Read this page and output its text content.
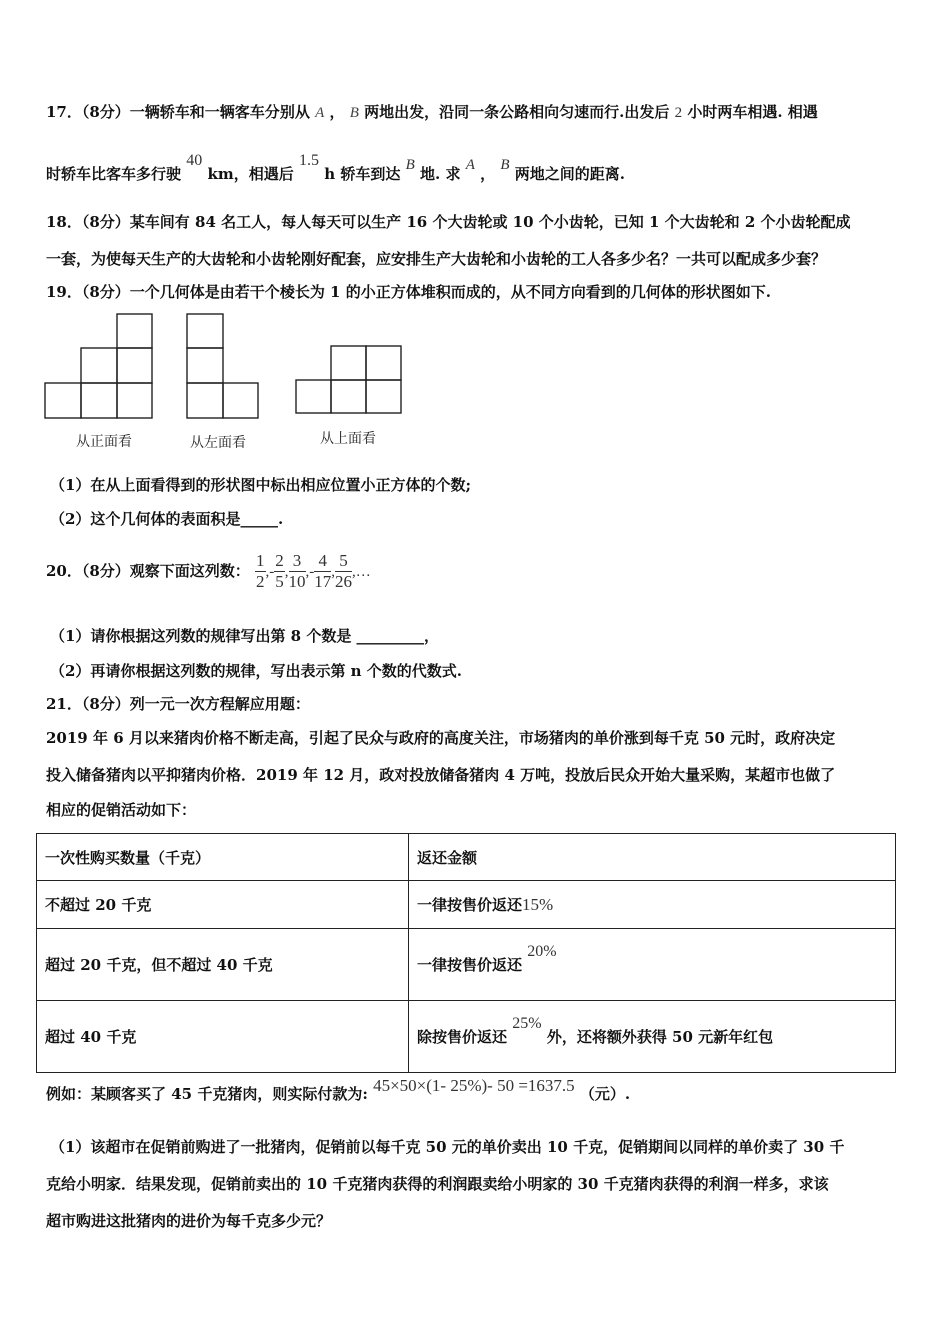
17．（8分）一辆轿车和一辆客车分别从 A ， B 两地出发，沿同一条公路相向匀速而行.出发后 2 小时两车相遇. 相遇
时轿车比客车多行驶 40 km，相遇后 1.5 h 轿车到达 B 地. 求 A ， B 两地之间的距离.
18．（8分）某车间有 84 名工人，每人每天可以生产 16 个大齿轮或 10 个小齿轮，已知 1 个大齿轮和 2 个小齿轮配成
一套，为使每天生产的大齿轮和小齿轮刚好配套，应安排生产大齿轮和小齿轮的工人各多少名？一共可以配成多少套？
19．（8分）一个几何体是由若干个棱长为 1 的小正方体堆积而成的，从不同方向看到的几何体的形状图如下.
从正面看	从左面看	从上面看
（1）在从上面看得到的形状图中标出相应位置小正方体的个数;
（2）这个几何体的表面积是_____.
20．（8分）观察下面这列数： $\frac{1}{2}$ ,- $\frac{2}{5}$ , $\frac{3}{10}$ ,- $\frac{4}{17}$ , $\frac{5}{26}$ ,…
（1）请你根据这列数的规律写出第 8 个数是 _________，
（2）再请你根据这列数的规律，写出表示第 n 个数的代数式.
21．（8分）列一元一次方程解应用题：
2019 年 6 月以来猪肉价格不断走高，引起了民众与政府的高度关注，市场猪肉的单价涨到每千克 50 元时，政府决定
投入储备猪肉以平抑猪肉价格．2019 年 12 月，政对投放储备猪肉 4 万吨，投放后民众开始大量采购，某超市也做了
相应的促销活动如下：
一次性购买数量（千克）	返还金额
不超过 20 千克	一律按售价返还15%
超过 20 千克，但不超过 40 千克	一律按售价返还 20%
超过 40 千克	除按售价返还 25% 外，还将额外获得 50 元新年红包
例如：某顾客买了 45 千克猪肉，则实际付款为: 45×50×(1- 25%)- 50 =1637.5 （元）.
（1）该超市在促销前购进了一批猪肉，促销前以每千克 50 元的单价卖出 10 千克，促销期间以同样的单价卖了 30 千
克给小明家．结果发现，促销前卖出的 10 千克猪肉获得的利润跟卖给小明家的 30 千克猪肉获得的利润一样多，求该
超市购进这批猪肉的进价为每千克多少元？
